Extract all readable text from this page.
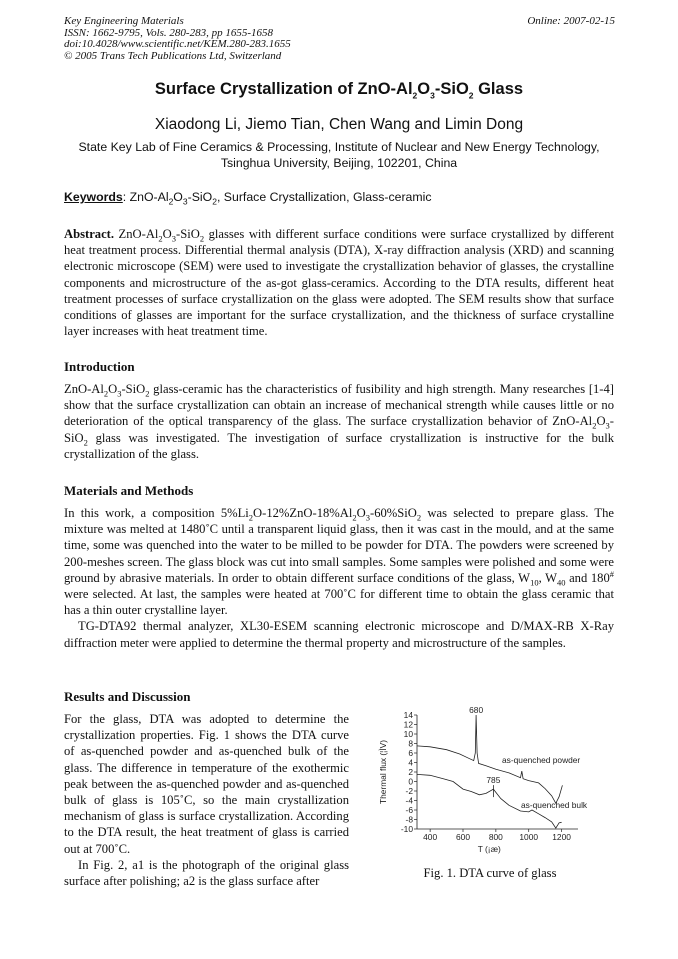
Key Engineering Materials
ISSN: 1662-9795, Vols. 280-283, pp 1655-1658
doi:10.4028/www.scientific.net/KEM.280-283.1655
© 2005 Trans Tech Publications Ltd, Switzerland
Online: 2007-02-15
Surface Crystallization of ZnO-$Al_2O_3-SiO_2$ Glass
Xiaodong Li, Jiemo Tian, Chen Wang and Limin Dong
State Key Lab of Fine Ceramics & Processing, Institute of Nuclear and New Energy Technology,
Tsinghua University, Beijing, 102201, China
Keywords: ZnO-$Al_2O_3-SiO_2$, Surface Crystallization, Glass-ceramic
Abstract. ZnO-$Al_2O_3-SiO_2$ glasses with different surface conditions were surface crystallized by different heat treatment process. Differential thermal analysis (DTA), X-ray diffraction analysis (XRD) and scanning electronic microscope (SEM) were used to investigate the crystallization behavior of glasses, the crystalline components and microstructure of the as-got glass-ceramics. According to the DTA results, different heat treatment processes of surface crystallization on the glass were adopted. The SEM results show that surface conditions of glasses are important for the surface crystallization, and the thickness of surface crystalline layer increases with heat treatment time.
Introduction
ZnO-$Al_2O_3-SiO_2$ glass-ceramic has the characteristics of fusibility and high strength. Many researches [1-4] show that the surface crystallization can obtain an increase of mechanical strength while causes little or no deterioration of the optical transparency of the glass. The surface crystallization behavior of ZnO-$Al_2O_3-SiO_2$ glass was investigated. The investigation of surface crystallization is instructive for the bulk crystallization of the glass.
Materials and Methods
In this work, a composition $5\%Li_2O-12\%ZnO-18\%Al_2O_3-60\%SiO_2$ was selected to prepare glass. The mixture was melted at 1480˚C until a transparent liquid glass, then it was cast in the mould, and at the same time, some was quenched into the water to be milled to be powder for DTA. The powders were screened by 200-meshes screen. The glass block was cut into small samples. Some samples were polished and some were ground by abrasive materials. In order to obtain different surface conditions of the glass, $W_{10}$, $W_{40}$ and 180# were selected. At last, the samples were heated at 700˚C for different time to obtain the glass ceramic that has a thin outer crystalline layer.
TG-DTA92 thermal analyzer, XL30-ESEM scanning electronic microscope and D/MAX-RB X-Ray diffraction meter were applied to determine the thermal property and microstructure of the samples.
Results and Discussion
For the glass, DTA was adopted to determine the crystallization properties. Fig. 1 shows the DTA curve of as-quenched powder and as-quenched bulk of the glass. The difference in temperature of the exothermic peak between the as-quenched powder and as-quenched bulk of glass is 105˚C, so the main crystallization mechanism of glass is surface crystallization. According to the DTA result, the heat treatment of glass is carried out at 700˚C.
In Fig. 2, a1 is the photograph of the original glass surface after polishing; a2 is the glass surface after
14
12
10
8
6
4
2
0
-2
-4
-6
-8
-10
400 600 800 1000 1200
T (¡æ)
Thermal flux (¦ÌV)	as-quenched powder
as-quenched bulk
680
785
Fig. 1. DTA curve of glass
